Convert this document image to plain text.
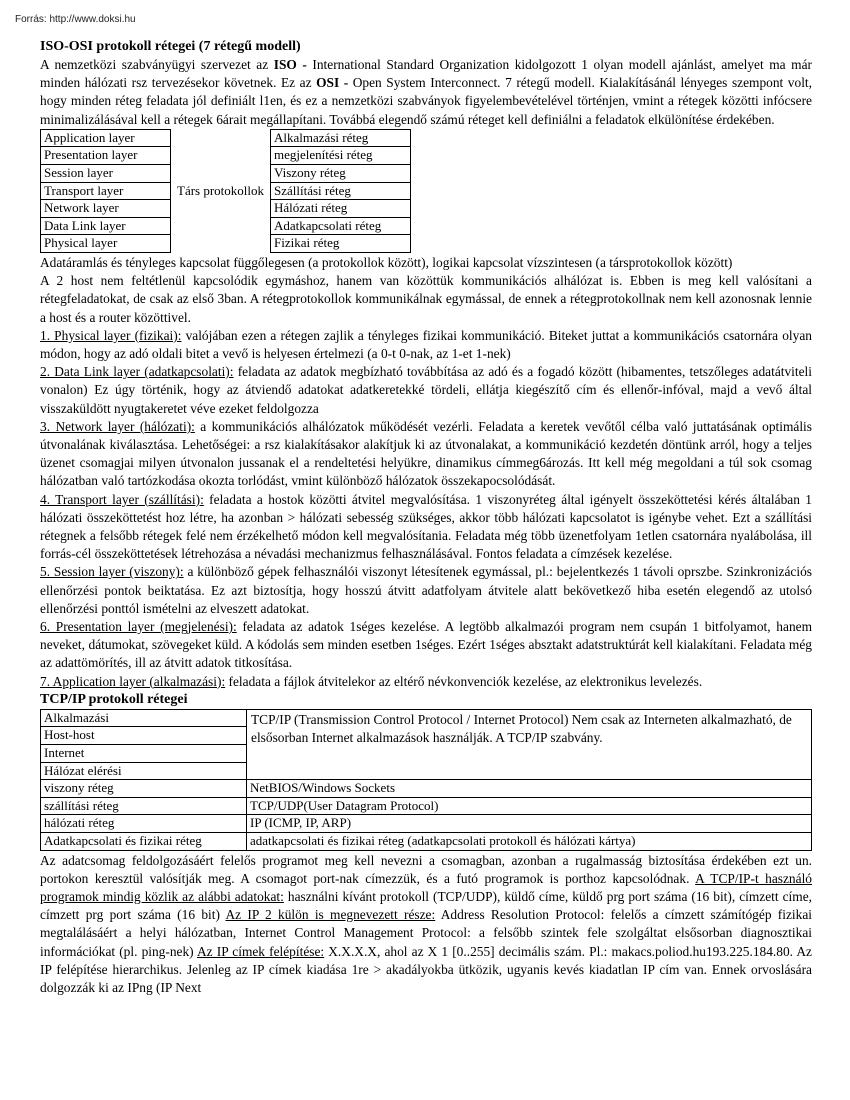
Forrás: http://www.doksi.hu
ISO-OSI protokoll rétegei (7 rétegű modell)

A nemzetközi szabványügyi szervezet az ISO - International Standard Organization kidolgozott 1 olyan modell ajánlást, amelyet ma már minden hálózati rsz tervezésekor követnek. Ez az OSI - Open System Interconnect. 7 rétegű modell. Kialakításánál lényeges szempont volt, hogy minden réteg feladata jól definiált l1en, és ez a nemzetközi szabványok figyelembevételével történjen, vmint a rétegek közötti infócsere minimalizálásával kell a rétegek 6árait megállapítani. Továbbá elegendő számú réteget kell definiálni a feladatok elkülönítése érdekében.

Application layer	Társ protokollok	Alkalmazási réteg
Presentation layer		megjelenítési réteg
Session layer		Viszony réteg
Transport layer		Szállítási réteg
Network layer		Hálózati réteg
Data Link layer		Adatkapcsolati réteg
Physical layer		Fizikai réteg

Adatáramlás és tényleges kapcsolat függőlegesen (a protokollok között), logikai kapcsolat vízszintesen (a társprotokollok között)

A 2 host nem feltétlenül kapcsolódik egymáshoz, hanem van közöttük kommunikációs alhálózat is. Ebben is meg kell valósítani a rétegfeladatokat, de csak az első 3ban. A rétegprotokollok kommunikálnak egymással, de ennek a rétegprotokollnak nem kell azonosnak lennie a host és a router közöttivel.

1. Physical layer (fizikai): valójában ezen a rétegen zajlik a tényleges fizikai kommunikáció. Biteket juttat a kommunikációs csatornára olyan módon, hogy az adó oldali bitet a vevő is helyesen értelmezi (a 0-t 0-nak, az 1-et 1-nek)

2. Data Link layer (adatkapcsolati): feladata az adatok megbízható továbbítása az adó és a fogadó között (hibamentes, tetszőleges adatátviteli vonalon) Ez úgy történik, hogy az átviendő adatokat adatkeretekké tördeli, ellátja kiegészítő cím és ellenőr-infóval, majd a vevő által visszaküldött nyugtakeretet véve ezeket feldolgozza

3. Network layer (hálózati): a kommunikációs alhálózatok működését vezérli. Feladata a keretek vevőtől célba való juttatásának optimális útvonalának kiválasztása. Lehetőségei: a rsz kialakításakor alakítjuk ki az útvonalakat, a kommunikáció kezdetén döntünk arról, hogy a teljes üzenet csomagjai milyen útvonalon jussanak el a rendeltetési helyükre, dinamikus címmeg6ározás. Itt kell még megoldani a túl sok csomag hálózatban való tartózkodása okozta torlódást, vmint különböző hálózatok összekapocsolódását.

4. Transport layer (szállítási): feladata a hostok közötti átvitel megvalósítása. 1 viszonyréteg által igényelt összeköttetési kérés általában 1 hálózati összeköttetést hoz létre, ha azonban > hálózati sebesség szükséges, akkor több hálózati kapcsolatot is igénybe vehet. Ezt a szállítási rétegnek a felsőbb rétegek felé nem érzékelhető módon kell megvalósítania. Feladata még több üzenetfolyam 1etlen csatornára nyalábolása, ill forrás-cél összeköttetések létrehozása a névadási mechanizmus felhasználásával. Fontos feladata a címzések kezelése.

5. Session layer (viszony): a különböző gépek felhasználói viszonyt létesítenek egymással, pl.: bejelentkezés 1 távoli oprszbe. Szinkronizációs ellenőrzési pontok beiktatása. Ez azt biztosítja, hogy hosszú átvitt adatfolyam átvitele alatt bekövetkező hiba esetén elegendő az utolsó ellenőrzési ponttól ismételni az elveszett adatokat.

6. Presentation layer (megjelenési): feladata az adatok 1séges kezelése. A legtöbb alkalmazói program nem csupán 1 bitfolyamot, hanem neveket, dátumokat, szövegeket küld. A kódolás sem minden esetben 1séges. Ezért 1séges absztakt adatstruktúrát kell kialakítani. Feladata még az adattömörítés, ill az átvitt adatok titkosítása.

7. Application layer (alkalmazási): feladata a fájlok átvitelekor az eltérő névkonvenciók kezelése, az elektronikus levelezés.

TCP/IP protokoll rétegei
Alkalmazási	TCP/IP (Transmission Control Protocol / Internet Protocol) Nem csak az Interneten alkalmazható, de elsősorban Internet alkalmazások használják. A TCP/IP szabvány.
Host-host	
Internet	
Hálózat elérési	
viszony réteg	NetBIOS/Windows Sockets
szállítási réteg	TCP/UDP(User Datagram Protocol)
hálózati réteg	IP (ICMP, IP, ARP)
Adatkapcsolati és fizikai réteg	adatkapcsolati és fizikai réteg (adatkapcsolati protokoll és hálózati kártya)

Az adatcsomag feldolgozásáért felelős programot meg kell nevezni a csomagban, azonban a rugalmasság biztosítása érdekében ezt un. portokon keresztül valósítják meg. A csomagot port-nak címezzük, és a futó programok is porthoz kapcsolódnak. A TCP/IP-t használó programok mindig közlik az alábbi adatokat: használni kívánt protokoll (TCP/UDP), küldő címe, küldő prg port száma (16 bit), címzett címe, címzett prg port száma (16 bit) Az IP 2 külön is megnevezett része: Address Resolution Protocol: felelős a címzett számítógép fizikai megtalálásáért a helyi hálózatban, Internet Control Management Protocol: a felsőbb szintek fele szolgáltat elsősorban diagnosztikai információkat (pl. ping-nek) Az IP címek felépítése: X.X.X.X, ahol az X 1 [0..255] decimális szám. Pl.: makacs.poliod.hu193.225.184.80. Az IP felépítése hierarchikus. Jelenleg az IP címek kiadása 1re > akadályokba ütközik, ugyanis kevés kiadatlan IP cím van. Ennek orvoslására dolgozzák ki az IPng (IP Next
